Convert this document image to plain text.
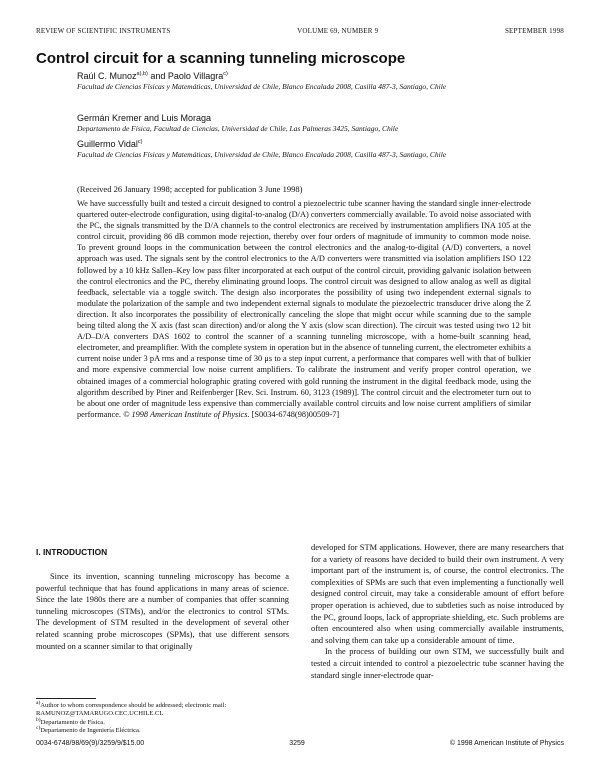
REVIEW OF SCIENTIFIC INSTRUMENTS	VOLUME 69, NUMBER 9	SEPTEMBER 1998
Control circuit for a scanning tunneling microscope
Raúl C. Munoz$^{a),b)}$ and Paolo Villagra$^{c)}$
Facultad de Ciencias Físicas y Matemáticas, Universidad de Chile, Blanco Encalada 2008, Casilla 487-3, Santiago, Chile
Germán Kremer and Luis Moraga
Departamento de Física, Facultad de Ciencias, Universidad de Chile, Las Palmeras 3425, Santiago, Chile
Guillermo Vidal$^{c)}$
Facultad de Ciencias Físicas y Matemáticas, Universidad de Chile, Blanco Encalada 2008, Casilla 487-3, Santiago, Chile
(Received 26 January 1998; accepted for publication 3 June 1998)

We have successfully built and tested a circuit designed to control a piezoelectric tube scanner having the standard single inner-electrode quartered outer-electrode configuration, using digital-to-analog (D/A) converters commercially available. To avoid noise associated with the PC, the signals transmitted by the D/A channels to the control electronics are received by instrumentation amplifiers INA 105 at the control circuit, providing 86 dB common mode rejection, thereby over four orders of magnitude of immunity to common mode noise. To prevent ground loops in the communication between the control electronics and the analog-to-digital (A/D) converters, a novel approach was used. The signals sent by the control electronics to the A/D converters were transmitted via isolation amplifiers ISO 122 followed by a 10 kHz Sallen–Key low pass filter incorporated at each output of the control circuit, providing galvanic isolation between the control electronics and the PC, thereby eliminating ground loops. The control circuit was designed to allow analog as well as digital feedback, selectable via a toggle switch. The design also incorporates the possibility of using two independent external signals to modulate the polarization of the sample and two independent external signals to modulate the piezoelectric transducer drive along the Z direction. It also incorporates the possibility of electronically canceling the slope that might occur while scanning due to the sample being tilted along the X axis (fast scan direction) and/or along the Y axis (slow scan direction). The circuit was tested using two 12 bit A/D–D/A converters DAS 1602 to control the scanner of a scanning tunneling microscope, with a home-built scanning head, electrometer, and preamplifier. With the complete system in operation but in the absence of tunneling current, the electrometer exhibits a current noise under 3 pA rms and a response time of 30 μs to a step input current, a performance that compares well with that of bulkier and more expensive commercial low noise current amplifiers. To calibrate the instrument and verify proper control operation, we obtained images of a commercial holographic grating covered with gold running the instrument in the digital feedback mode, using the algorithm described by Piner and Reifenberger [Rev. Sci. Instrum. 60, 3123 (1989)]. The control circuit and the electrometer turn out to be about one order of magnitude less expensive than commercially available control circuits and low noise current amplifiers of similar performance. © 1998 American Institute of Physics. [S0034-6748(98)00509-7]

I. INTRODUCTION

Since its invention, scanning tunneling microscopy has become a powerful technique that has found applications in many areas of science. Since the late 1980s there are a number of companies that offer scanning tunneling microscopes (STMs), and/or the electronics to control STMs. The development of STM resulted in the development of several other related scanning probe microscopes (SPMs), that use different sensors mounted on a scanner similar to that originally

developed for STM applications. However, there are many researchers that for a variety of reasons have decided to build their own instrument. A very important part of the instrument is, of course, the control electronics. The complexities of SPMs are such that even implementing a functionally well designed control circuit, may take a considerable amount of effort before proper operation is achieved, due to subtleties such as noise introduced by the PC, ground loops, lack of appropriate shielding, etc. Such problems are often encountered also when using commercially available instruments, and solving them can take up a considerable amount of time.

In the process of building our own STM, we successfully built and tested a circuit intended to control a piezoelectric tube scanner having the standard single inner-electrode quar-

$^{a)}$Author to whom correspondence should be addressed; electronic mail: RAMUNOZ@TAMARUGO.CEC.UCHILE.CL
$^{b)}$Departamento de Física.
$^{c)}$Departamento de Ingeniería Eléctrica.
0034-6748/98/69(9)/3259/9/$15.00	3259	© 1998 American Institute of Physics
